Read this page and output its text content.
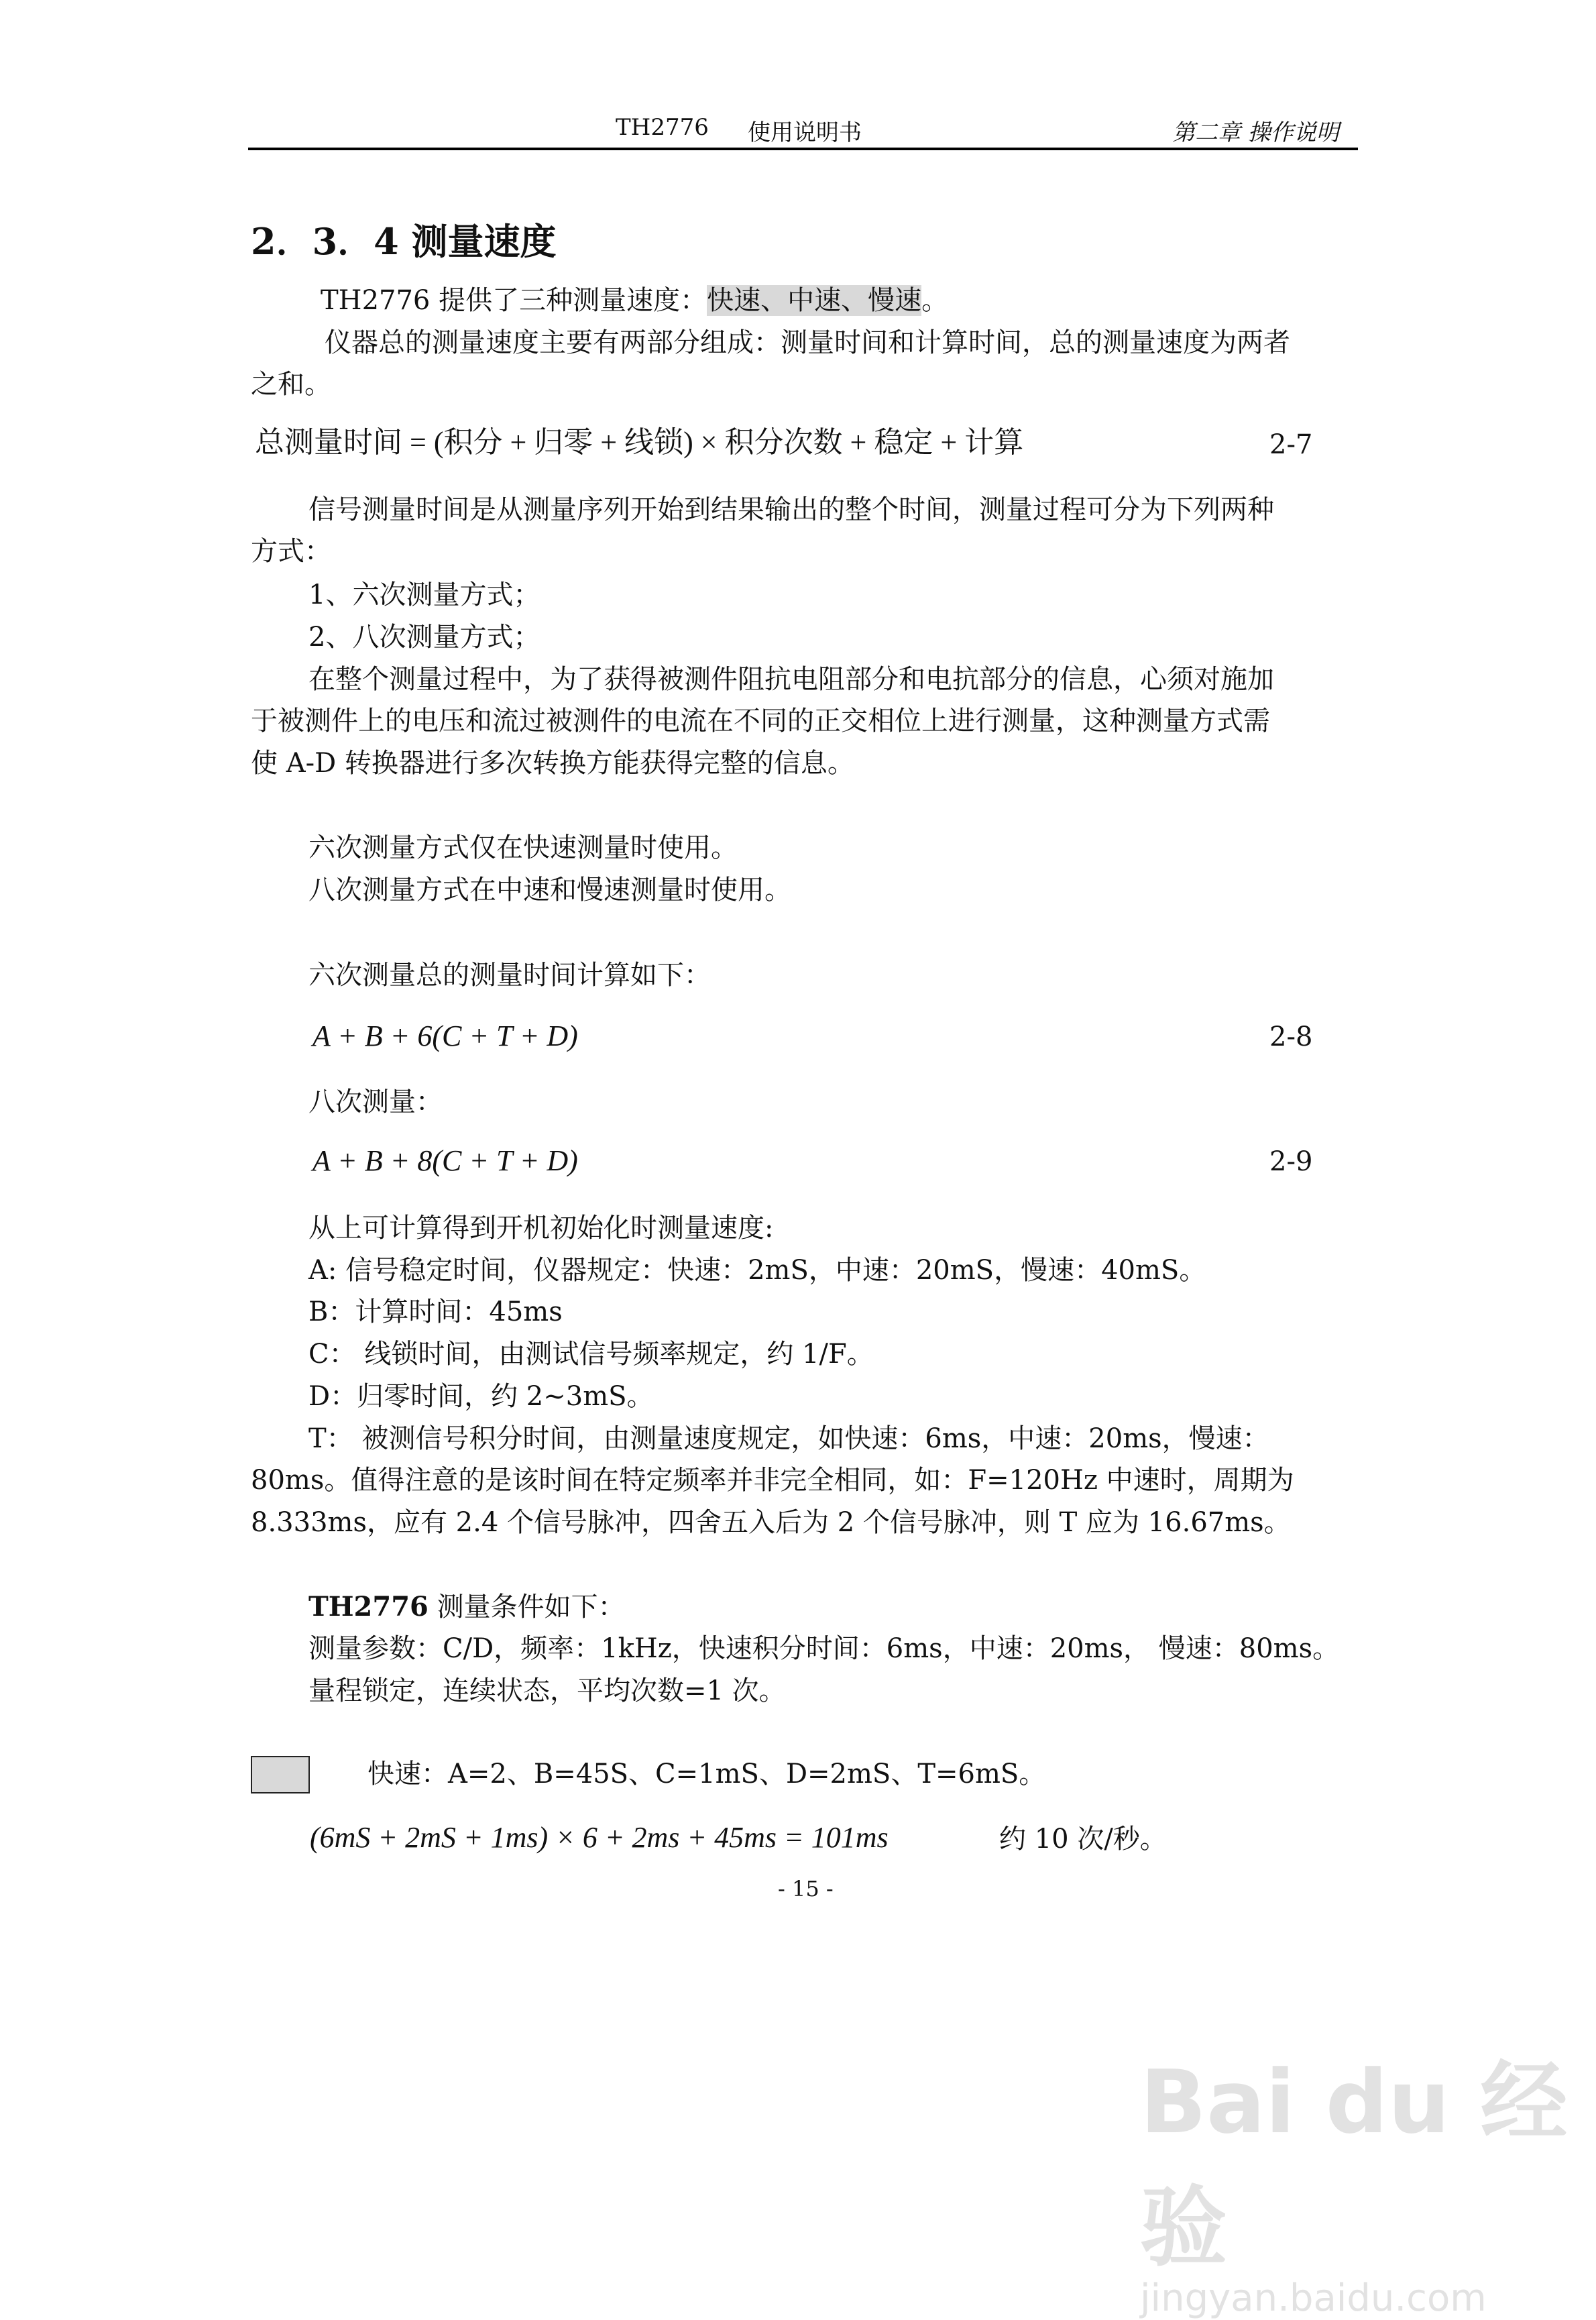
TH2776 使用说明书	第二章 操作说明
2．3．4 测量速度
TH2776 提供了三种测量速度：快速、中速、慢速。
仪器总的测量速度主要有两部分组成：测量时间和计算时间，总的测量速度为两者
之和。
总测量时间 = (积分 + 归零 + 线锁) × 积分次数 + 稳定 + 计算	2-7
信号测量时间是从测量序列开始到结果输出的整个时间，测量过程可分为下列两种
方式：
1、六次测量方式；
2、八次测量方式；
在整个测量过程中，为了获得被测件阻抗电阻部分和电抗部分的信息，心须对施加
于被测件上的电压和流过被测件的电流在不同的正交相位上进行测量，这种测量方式需
使 A-D 转换器进行多次转换方能获得完整的信息。
六次测量方式仅在快速测量时使用。
八次测量方式在中速和慢速测量时使用。
六次测量总的测量时间计算如下：
A + B + 6(C + T + D)	2-8
八次测量：
A + B + 8(C + T + D)	2-9
从上可计算得到开机初始化时测量速度:
A: 信号稳定时间，仪器规定：快速：2mS，中速：20mS，慢速：40mS。
B：计算时间：45ms
C： 线锁时间，由测试信号频率规定，约 1/F。
D：归零时间，约 2~3mS。
T： 被测信号积分时间，由测量速度规定，如快速：6ms，中速：20ms，慢速：
80ms。值得注意的是该时间在特定频率并非完全相同，如：F=120Hz 中速时，周期为
8.333ms，应有 2.4 个信号脉冲，四舍五入后为 2 个信号脉冲，则 T 应为 16.67ms。
TH2776 测量条件如下：
测量参数：C/D，频率：1kHz，快速积分时间：6ms，中速：20ms， 慢速：80ms。
量程锁定，连续状态，平均次数=1 次。
快速：A=2、B=45S、C=1mS、D=2mS、T=6mS。
(6mS + 2mS + 1ms) × 6 + 2ms + 45ms = 101ms	约 10 次/秒。
- 15 -
Bai du 经验
jingyan.baidu.com
